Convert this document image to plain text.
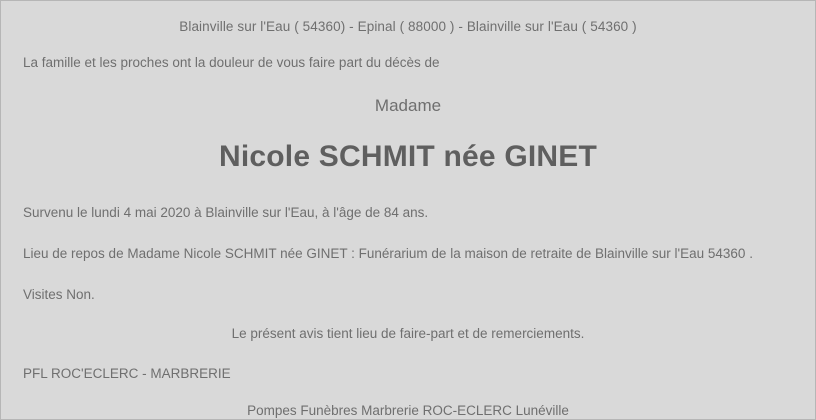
Blainville sur l'Eau ( 54360) - Epinal ( 88000 ) - Blainville sur l'Eau ( 54360 )

La famille et les proches ont la douleur de vous faire part du décès de

Madame

Nicole SCHMIT née GINET

Survenu le lundi 4 mai 2020 à Blainville sur l'Eau, à l'âge de 84 ans.

Lieu de repos de Madame Nicole SCHMIT née GINET : Funérarium de la maison de retraite de Blainville sur l'Eau 54360 .

Visites Non.

Le présent avis tient lieu de faire-part et de remerciements.

PFL ROC'ECLERC - MARBRERIE

Pompes Funèbres Marbrerie ROC-ECLERC Lunéville
